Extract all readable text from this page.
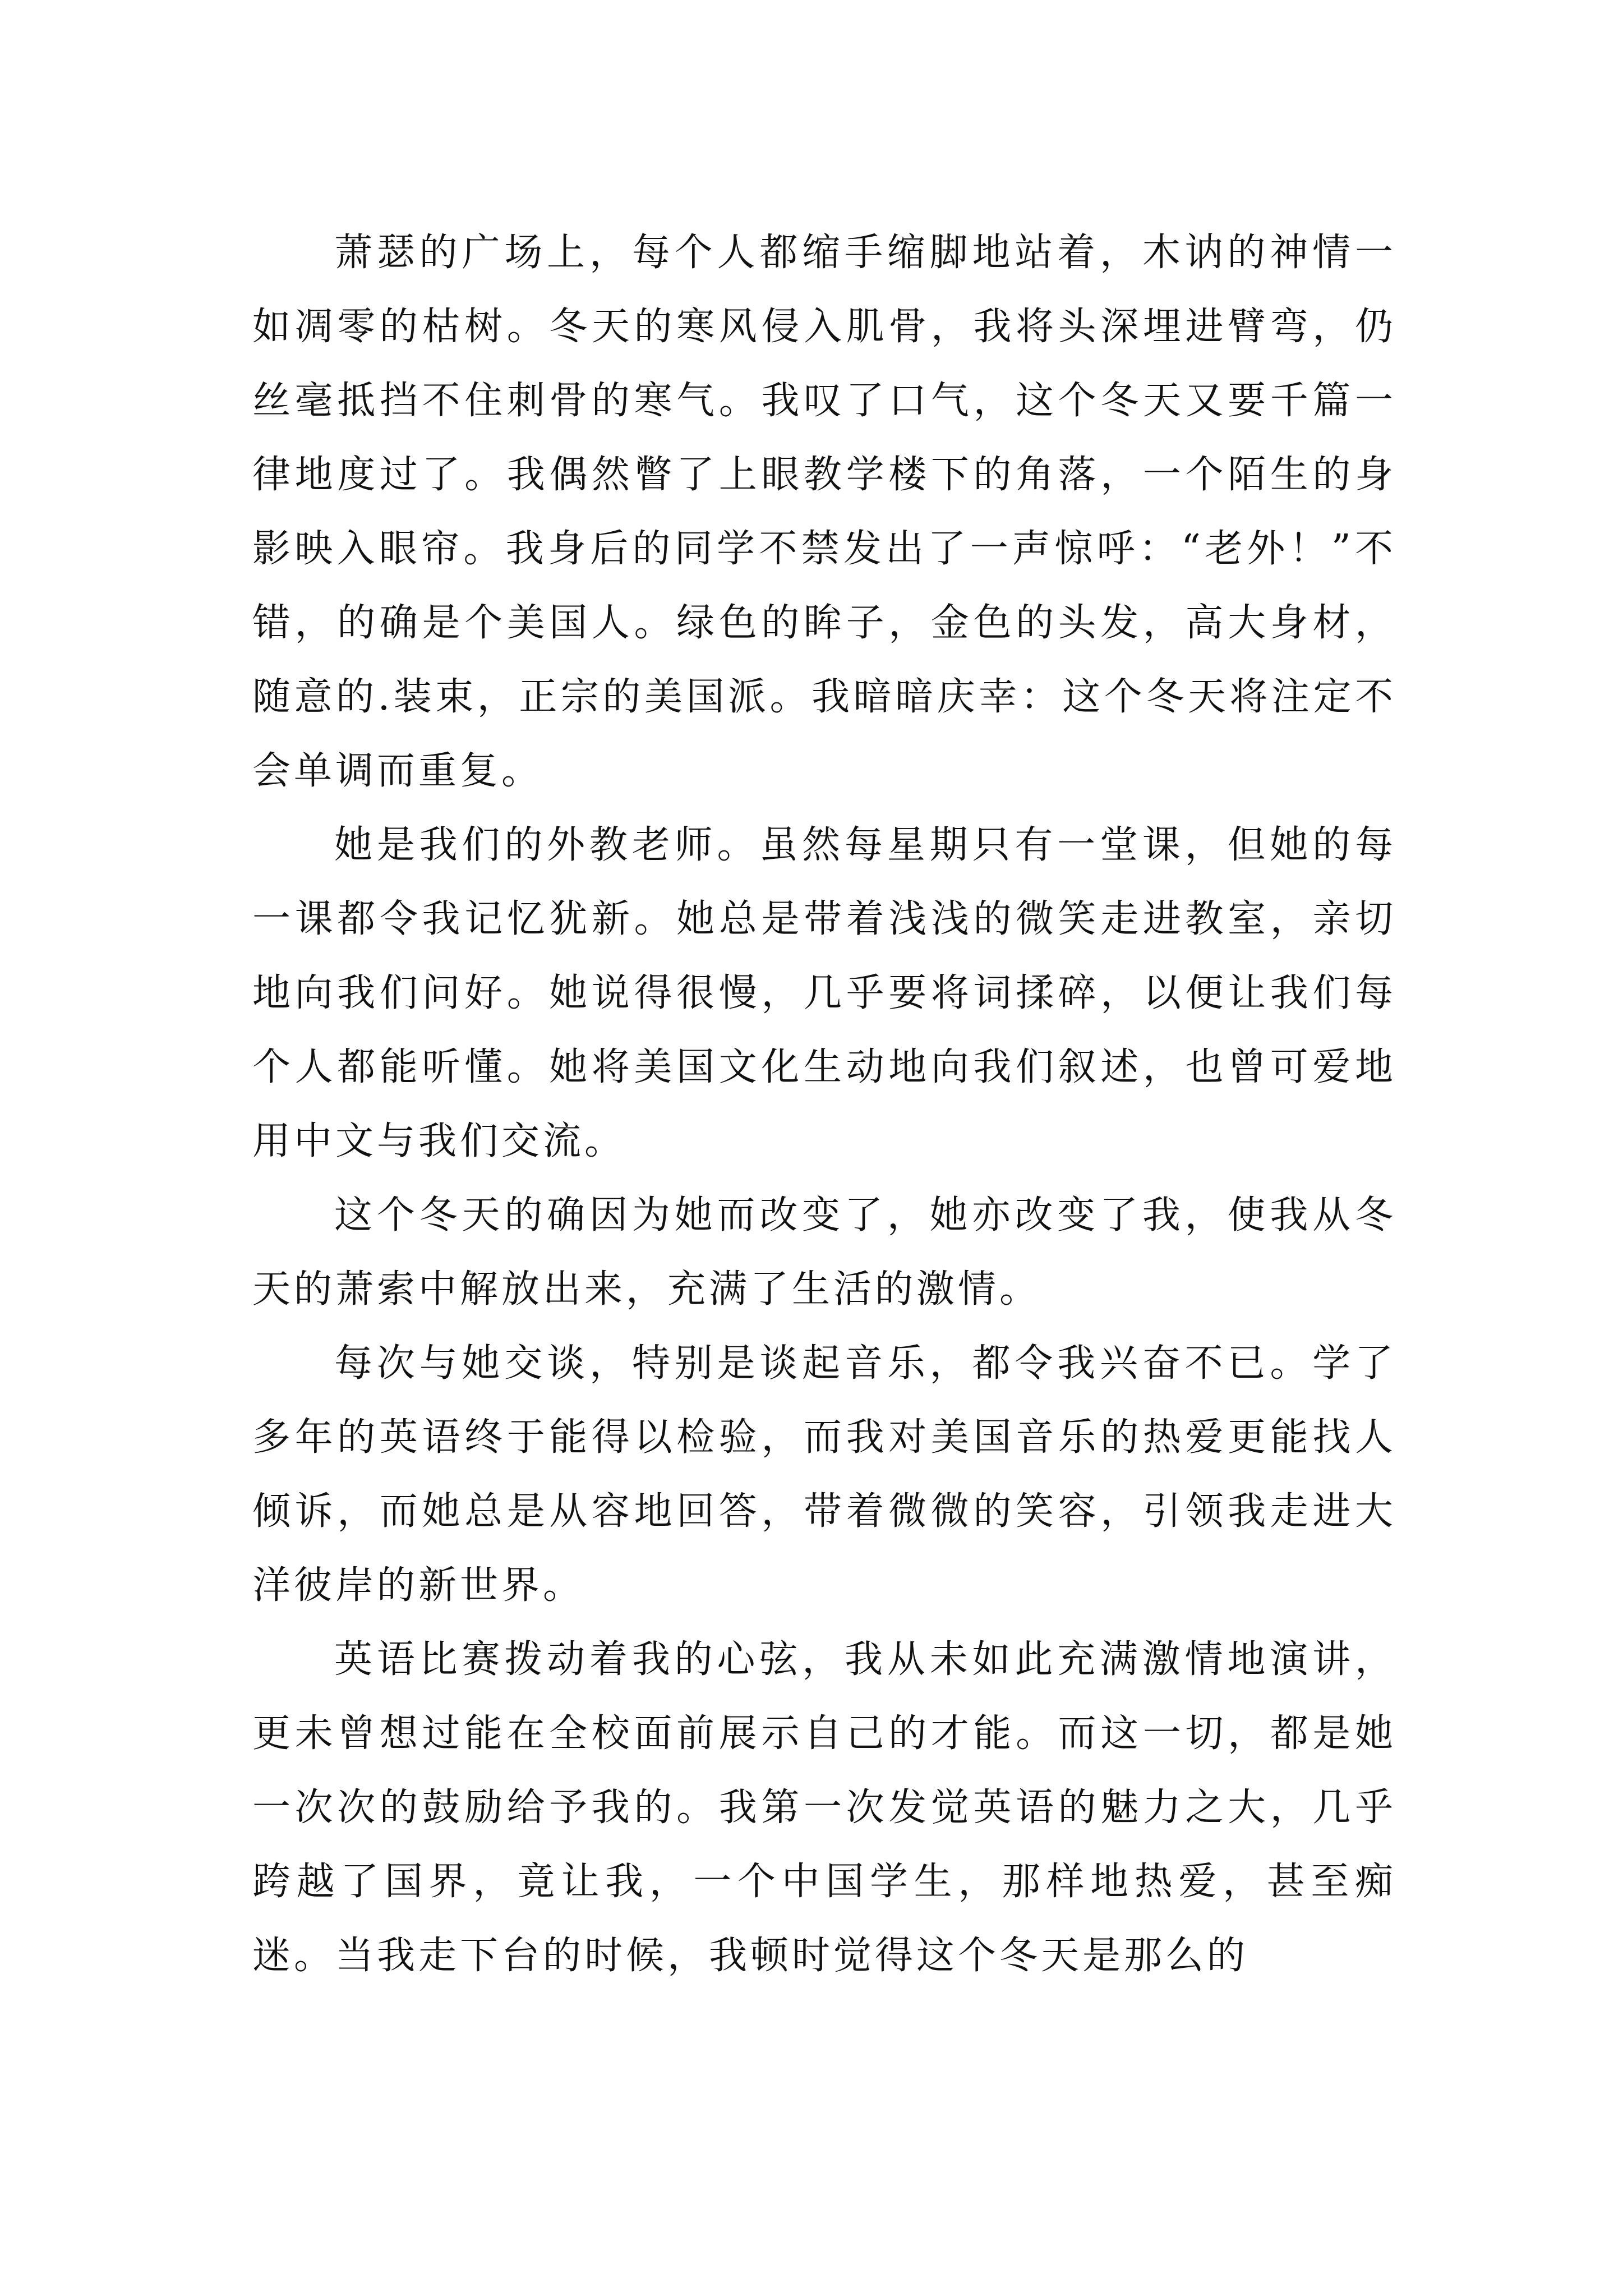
萧瑟的广场上，每个人都缩手缩脚地站着，木讷的神情一如凋零的枯树。冬天的寒风侵入肌骨，我将头深埋进臂弯，仍丝毫抵挡不住刺骨的寒气。我叹了口气，这个冬天又要千篇一律地度过了。我偶然瞥了上眼教学楼下的角落，一个陌生的身影映入眼帘。我身后的同学不禁发出了一声惊呼：“老外！”不错，的确是个美国人。绿色的眸子，金色的头发，高大身材，随意的.装束，正宗的美国派。我暗暗庆幸：这个冬天将注定不会单调而重复。

她是我们的外教老师。虽然每星期只有一堂课，但她的每一课都令我记忆犹新。她总是带着浅浅的微笑走进教室，亲切地向我们问好。她说得很慢，几乎要将词揉碎，以便让我们每个人都能听懂。她将美国文化生动地向我们叙述，也曾可爱地用中文与我们交流。

这个冬天的确因为她而改变了，她亦改变了我，使我从冬天的萧索中解放出来，充满了生活的激情。

每次与她交谈，特别是谈起音乐，都令我兴奋不已。学了多年的英语终于能得以检验，而我对美国音乐的热爱更能找人倾诉，而她总是从容地回答，带着微微的笑容，引领我走进大洋彼岸的新世界。

英语比赛拨动着我的心弦，我从未如此充满激情地演讲，更未曾想过能在全校面前展示自己的才能。而这一切，都是她一次次的鼓励给予我的。我第一次发觉英语的魅力之大，几乎跨越了国界，竟让我，一个中国学生，那样地热爱，甚至痴迷。当我走下台的时候，我顿时觉得这个冬天是那么的
